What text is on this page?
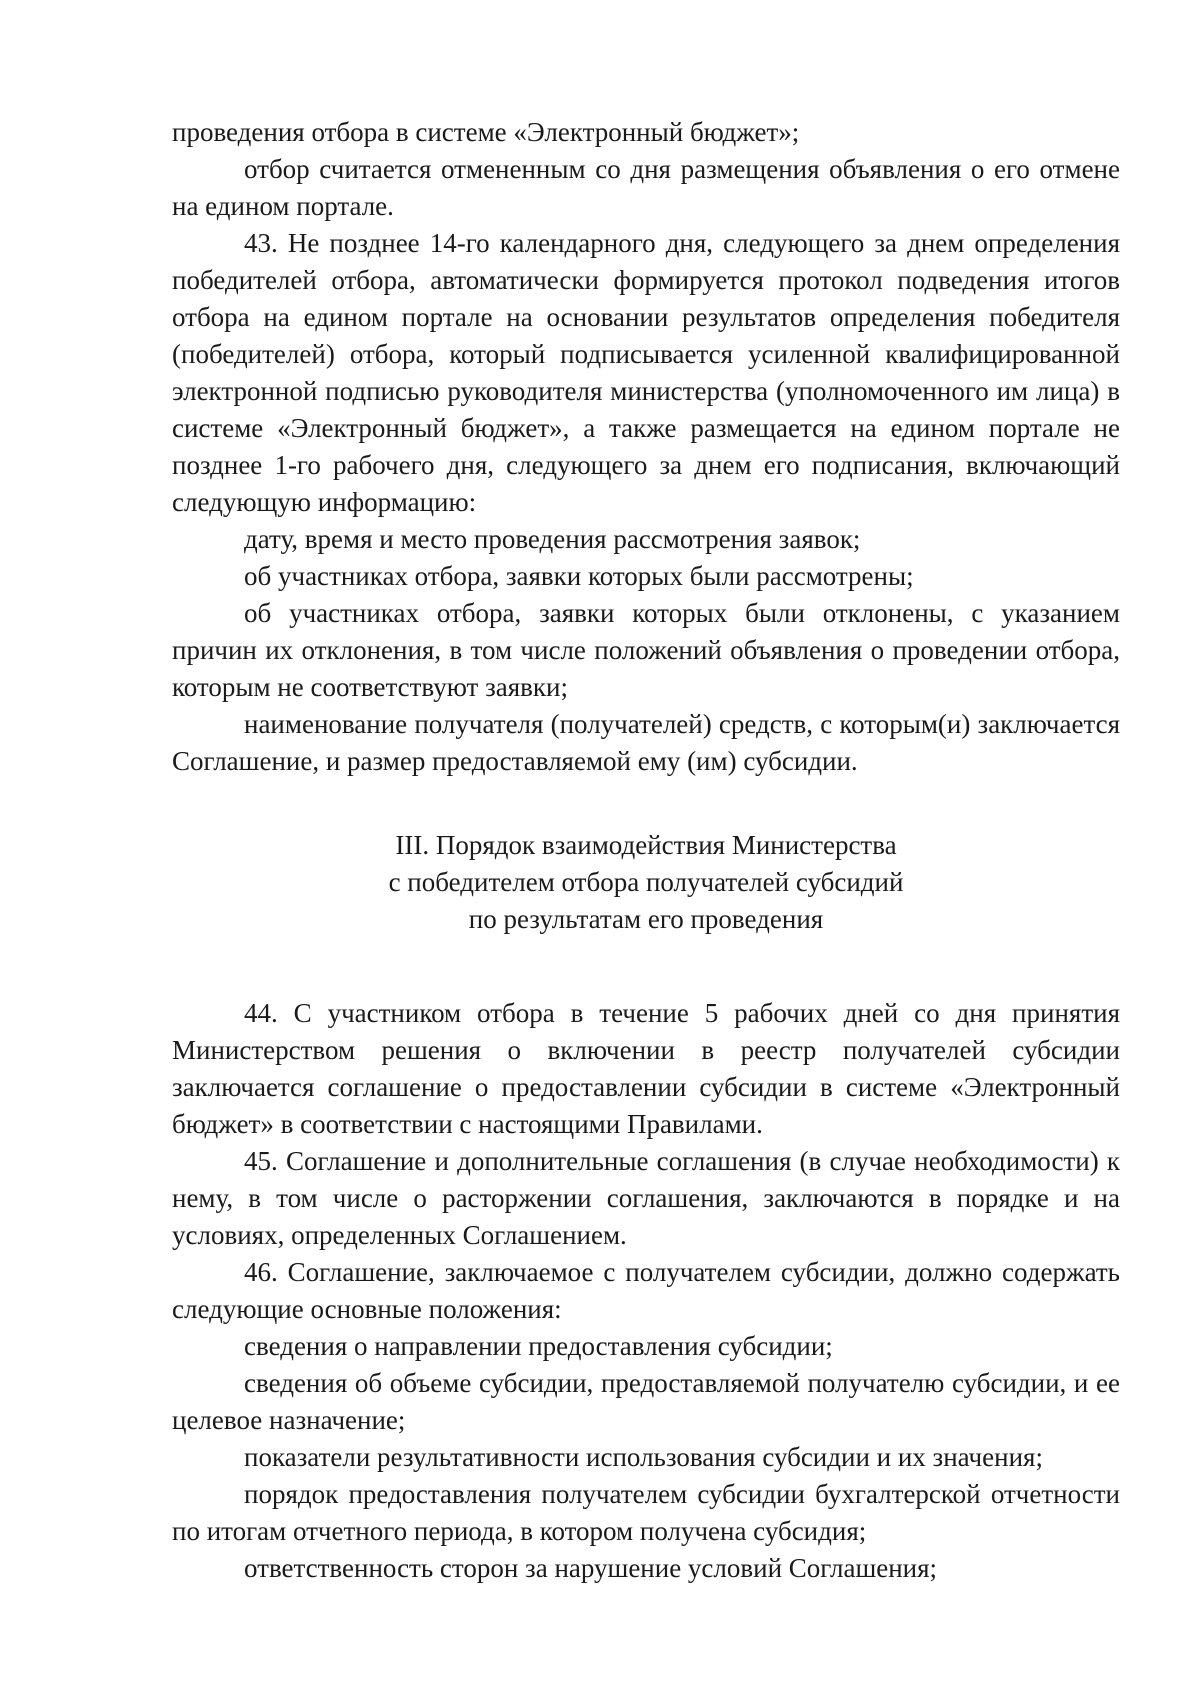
проведения отбора в системе «Электронный бюджет»;

отбор считается отмененным со дня размещения объявления о его отмене на едином портале.

43. Не позднее 14-го календарного дня, следующего за днем определения победителей отбора, автоматически формируется протокол подведения итогов отбора на едином портале на основании результатов определения победителя (победителей) отбора, который подписывается усиленной квалифицированной электронной подписью руководителя министерства (уполномоченного им лица) в системе «Электронный бюджет», а также размещается на едином портале не позднее 1-го рабочего дня, следующего за днем его подписания, включающий следующую информацию:

дату, время и место проведения рассмотрения заявок;

об участниках отбора, заявки которых были рассмотрены;

об участниках отбора, заявки которых были отклонены, с указанием причин их отклонения, в том числе положений объявления о проведении отбора, которым не соответствуют заявки;

наименование получателя (получателей) средств, с которым(и) заключается Соглашение, и размер предоставляемой ему (им) субсидии.

III. Порядок взаимодействия Министерства
с победителем отбора получателей субсидий
по результатам его проведения

44. С участником отбора в течение 5 рабочих дней со дня принятия Министерством решения о включении в реестр получателей субсидии заключается соглашение о предоставлении субсидии в системе «Электронный бюджет» в соответствии с настоящими Правилами.

45. Соглашение и дополнительные соглашения (в случае необходимости) к нему, в том числе о расторжении соглашения, заключаются в порядке и на условиях, определенных Соглашением.

46. Соглашение, заключаемое с получателем субсидии, должно содержать следующие основные положения:

сведения о направлении предоставления субсидии;

сведения об объеме субсидии, предоставляемой получателю субсидии, и ее целевое назначение;

показатели результативности использования субсидии и их значения;

порядок предоставления получателем субсидии бухгалтерской отчетности по итогам отчетного периода, в котором получена субсидия;

ответственность сторон за нарушение условий Соглашения;
